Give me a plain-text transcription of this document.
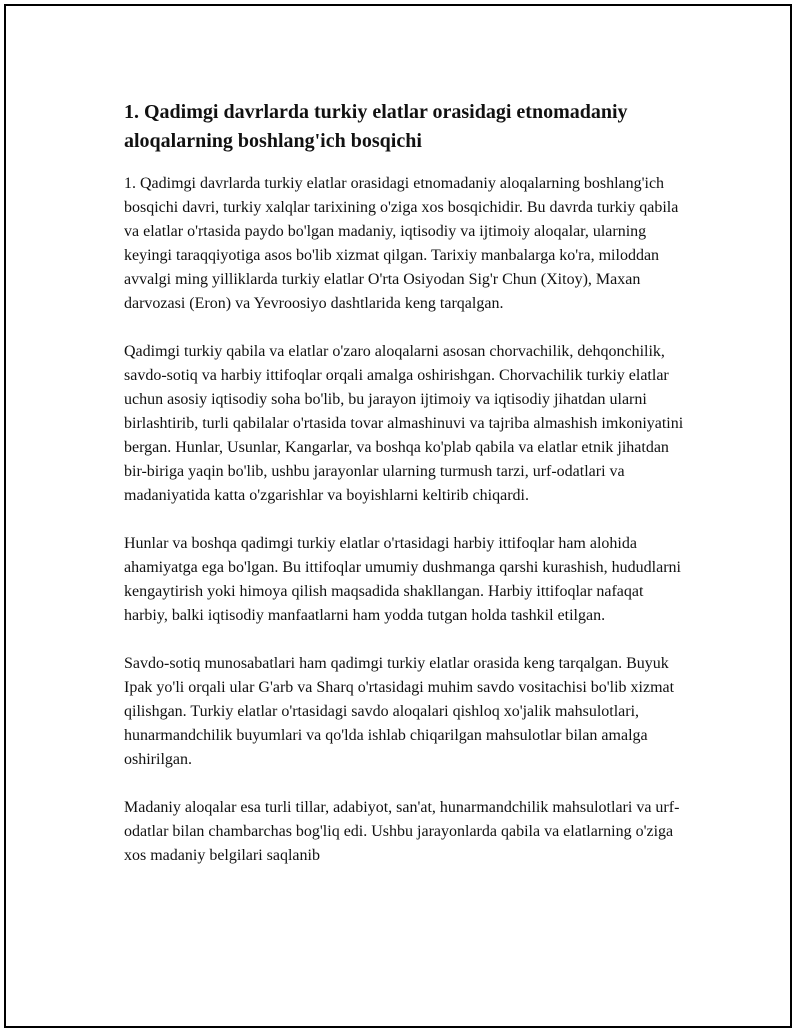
1. Qadimgi davrlarda turkiy elatlar orasidagi etnomadaniy aloqalarning boshlang'ich bosqichi

1. Qadimgi davrlarda turkiy elatlar orasidagi etnomadaniy aloqalarning boshlang'ich bosqichi davri, turkiy xalqlar tarixining o'ziga xos bosqichidir. Bu davrda turkiy qabila va elatlar o'rtasida paydo bo'lgan madaniy, iqtisodiy va ijtimoiy aloqalar, ularning keyingi taraqqiyotiga asos bo'lib xizmat qilgan. Tarixiy manbalarga ko'ra, miloddan avvalgi ming yilliklarda turkiy elatlar O'rta Osiyodan Sig'r Chun (Xitoy), Maxan darvozasi (Eron) va Yevroosiyo dashtlarida keng tarqalgan.

Qadimgi turkiy qabila va elatlar o'zaro aloqalarni asosan chorvachilik, dehqonchilik, savdo-sotiq va harbiy ittifoqlar orqali amalga oshirishgan. Chorvachilik turkiy elatlar uchun asosiy iqtisodiy soha bo'lib, bu jarayon ijtimoiy va iqtisodiy jihatdan ularni birlashtirib, turli qabilalar o'rtasida tovar almashinuvi va tajriba almashish imkoniyatini bergan. Hunlar, Usunlar, Kangarlar, va boshqa ko'plab qabila va elatlar etnik jihatdan bir-biriga yaqin bo'lib, ushbu jarayonlar ularning turmush tarzi, urf-odatlari va madaniyatida katta o'zgarishlar va boyishlarni keltirib chiqardi.

Hunlar va boshqa qadimgi turkiy elatlar o'rtasidagi harbiy ittifoqlar ham alohida ahamiyatga ega bo'lgan. Bu ittifoqlar umumiy dushmanga qarshi kurashish, hududlarni kengaytirish yoki himoya qilish maqsadida shakllangan. Harbiy ittifoqlar nafaqat harbiy, balki iqtisodiy manfaatlarni ham yodda tutgan holda tashkil etilgan.

Savdo-sotiq munosabatlari ham qadimgi turkiy elatlar orasida keng tarqalgan. Buyuk Ipak yo'li orqali ular G'arb va Sharq o'rtasidagi muhim savdo vositachisi bo'lib xizmat qilishgan. Turkiy elatlar o'rtasidagi savdo aloqalari qishloq xo'jalik mahsulotlari, hunarmandchilik buyumlari va qo'lda ishlab chiqarilgan mahsulotlar bilan amalga oshirilgan.

Madaniy aloqalar esa turli tillar, adabiyot, san'at, hunarmandchilik mahsulotlari va urf-odatlar bilan chambarchas bog'liq edi. Ushbu jarayonlarda qabila va elatlarning o'ziga xos madaniy belgilari saqlanib
